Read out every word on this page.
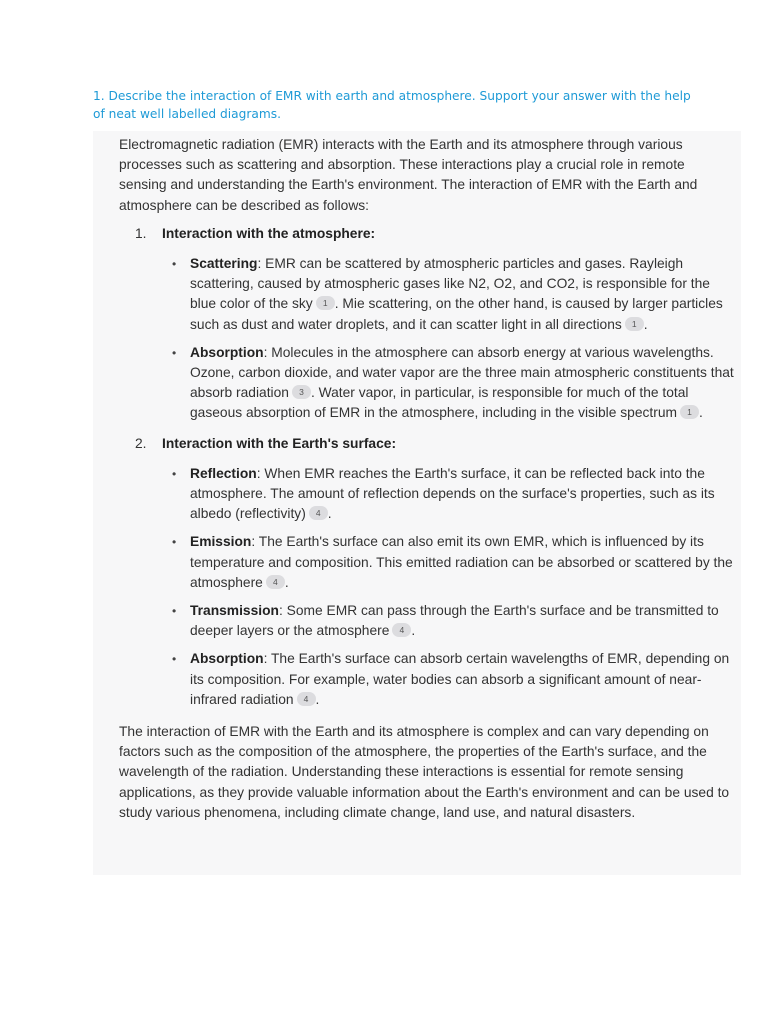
1. Describe the interaction of EMR with earth and atmosphere. Support your answer with the help of neat well labelled diagrams.

Electromagnetic radiation (EMR) interacts with the Earth and its atmosphere through various processes such as scattering and absorption. These interactions play a crucial role in remote sensing and understanding the Earth's environment. The interaction of EMR with the Earth and atmosphere can be described as follows:

1. Interaction with the atmosphere:
• Scattering: EMR can be scattered by atmospheric particles and gases. Rayleigh scattering, caused by atmospheric gases like N2, O2, and CO2, is responsible for the blue color of the sky 1 . Mie scattering, on the other hand, is caused by larger particles such as dust and water droplets, and it can scatter light in all directions 1 .
• Absorption: Molecules in the atmosphere can absorb energy at various wavelengths. Ozone, carbon dioxide, and water vapor are the three main atmospheric constituents that absorb radiation 3 . Water vapor, in particular, is responsible for much of the total gaseous absorption of EMR in the atmosphere, including in the visible spectrum 1 .
2. Interaction with the Earth's surface:
• Reflection: When EMR reaches the Earth's surface, it can be reflected back into the atmosphere. The amount of reflection depends on the surface's properties, such as its albedo (reflectivity) 4 .
• Emission: The Earth's surface can also emit its own EMR, which is influenced by its temperature and composition. This emitted radiation can be absorbed or scattered by the atmosphere 4 .
• Transmission: Some EMR can pass through the Earth's surface and be transmitted to deeper layers or the atmosphere 4 .
• Absorption: The Earth's surface can absorb certain wavelengths of EMR, depending on its composition. For example, water bodies can absorb a significant amount of near-infrared radiation 4 .

The interaction of EMR with the Earth and its atmosphere is complex and can vary depending on factors such as the composition of the atmosphere, the properties of the Earth's surface, and the wavelength of the radiation. Understanding these interactions is essential for remote sensing applications, as they provide valuable information about the Earth's environment and can be used to study various phenomena, including climate change, land use, and natural disasters.
